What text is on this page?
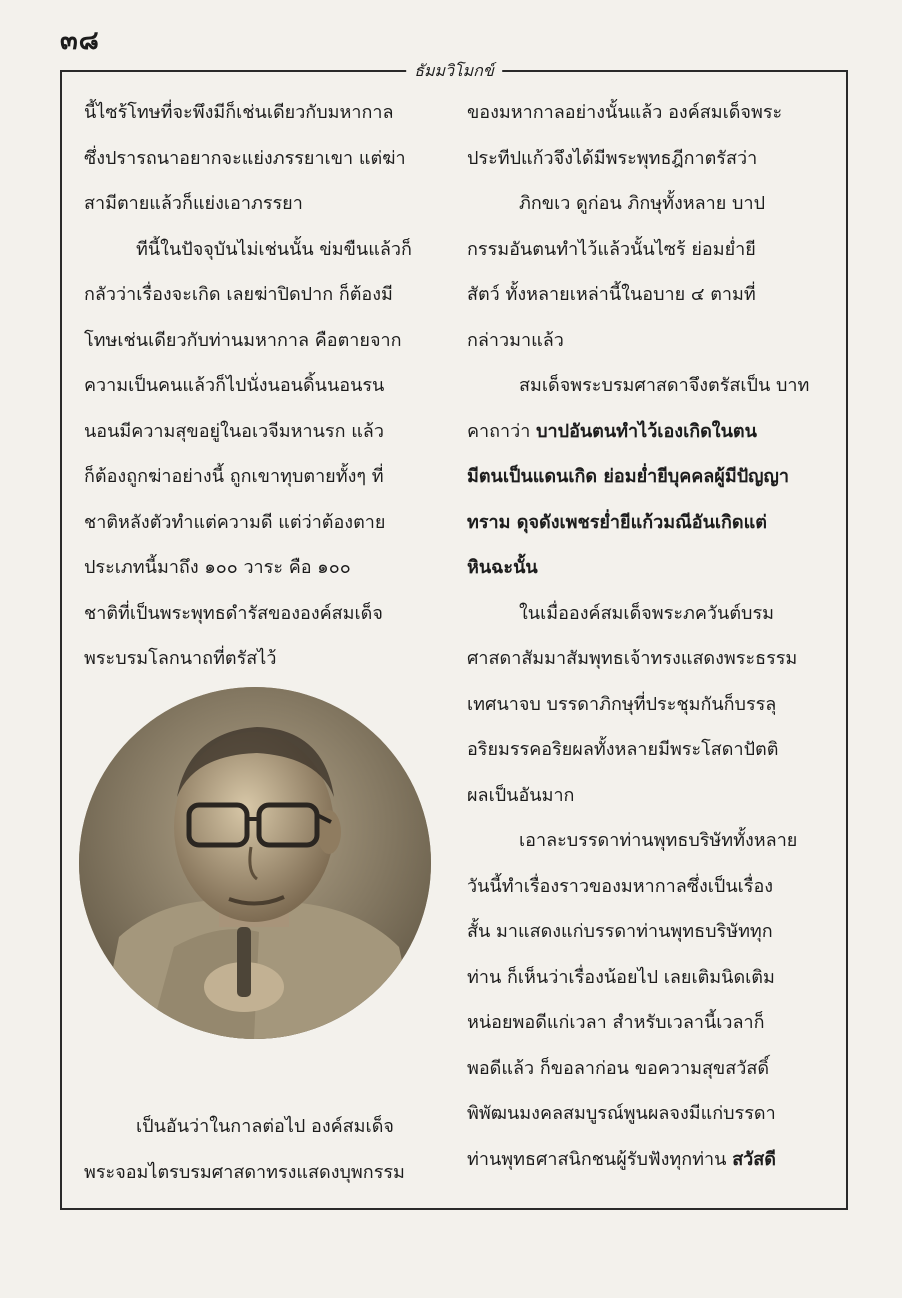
๓๘
ธัมมวิโมกข์
นี้ไซร้โทษที่จะพึงมีก็เช่นเดียวกับมหากาล
ซึ่งปรารถนาอยากจะแย่งภรรยาเขา แต่ฆ่า
สามีตายแล้วก็แย่งเอาภรรยา
ทีนี้ในปัจจุบันไม่เช่นนั้น ข่มขืนแล้วก็
กลัวว่าเรื่องจะเกิด เลยฆ่าปิดปาก ก็ต้องมี
โทษเช่นเดียวกับท่านมหากาล คือตายจาก
ความเป็นคนแล้วก็ไปนั่งนอนดิ้นนอนรน
นอนมีความสุขอยู่ในอเวจีมหานรก แล้ว
ก็ต้องถูกฆ่าอย่างนี้ ถูกเขาทุบตายทั้งๆ ที่
ชาติหลังตัวทำแต่ความดี แต่ว่าต้องตาย
ประเภทนี้มาถึง ๑๐๐ วาระ คือ ๑๐๐
ชาติที่เป็นพระพุทธดำรัสขององค์สมเด็จ
พระบรมโลกนาถที่ตรัสไว้
เป็นอันว่าในกาลต่อไป องค์สมเด็จ
พระจอมไตรบรมศาสดาทรงแสดงบุพกรรม
ของมหากาลอย่างนั้นแล้ว องค์สมเด็จพระ
ประทีปแก้วจึงได้มีพระพุทธฎีกาตรัสว่า
ภิกขเว ดูก่อน ภิกษุทั้งหลาย บาป
กรรมอันตนทำไว้แล้วนั้นไซร้ ย่อมย่ำยี
สัตว์ ทั้งหลายเหล่านี้ในอบาย ๔ ตามที่
กล่าวมาแล้ว
สมเด็จพระบรมศาสดาจึงตรัสเป็น บาท
คาถาว่า บาปอันตนทำไว้เองเกิดในตน
มีตนเป็นแดนเกิด ย่อมย่ำยีบุคคลผู้มีปัญญา
ทราม ดุจดังเพชรย่ำยีแก้วมณีอันเกิดแต่
หินฉะนั้น
ในเมื่อองค์สมเด็จพระภควันต์บรม
ศาสดาสัมมาสัมพุทธเจ้าทรงแสดงพระธรรม
เทศนาจบ บรรดาภิกษุที่ประชุมกันก็บรรลุ
อริยมรรคอริยผลทั้งหลายมีพระโสดาปัตติ
ผลเป็นอันมาก
เอาละบรรดาท่านพุทธบริษัททั้งหลาย
วันนี้ทำเรื่องราวของมหากาลซึ่งเป็นเรื่อง
สั้น มาแสดงแก่บรรดาท่านพุทธบริษัททุก
ท่าน ก็เห็นว่าเรื่องน้อยไป เลยเติมนิดเติม
หน่อยพอดีแก่เวลา สำหรับเวลานี้เวลาก็
พอดีแล้ว ก็ขอลาก่อน ขอความสุขสวัสดิ์
พิพัฒนมงคลสมบูรณ์พูนผลจงมีแก่บรรดา
ท่านพุทธศาสนิกชนผู้รับฟังทุกท่าน สวัสดี
